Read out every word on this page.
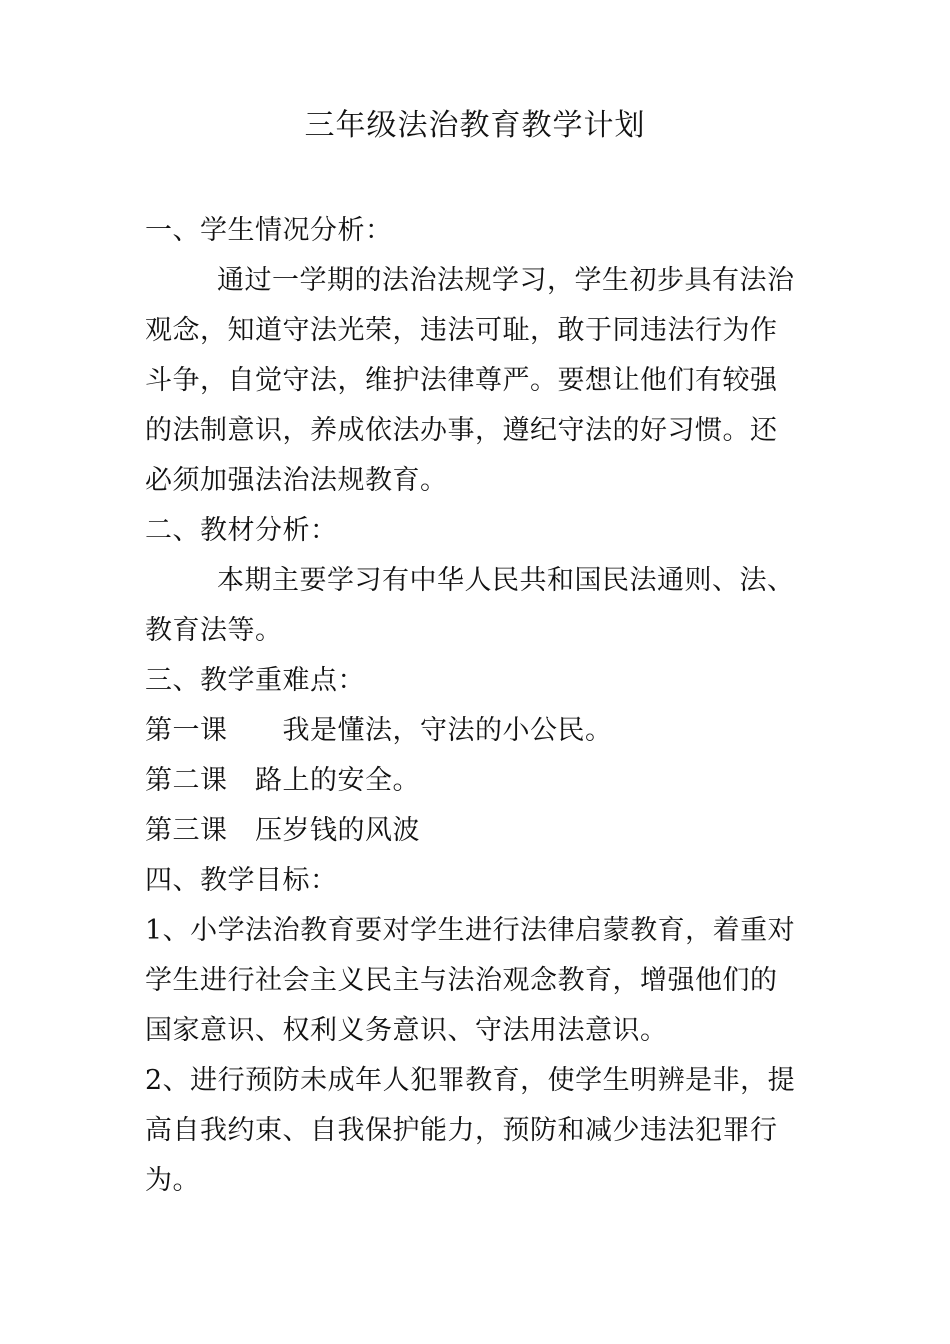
三年级法治教育教学计划
一、学生情况分析：
通过一学期的法治法规学习，学生初步具有法治
观念，知道守法光荣，违法可耻，敢于同违法行为作
斗争，自觉守法，维护法律尊严。要想让他们有较强
的法制意识，养成依法办事，遵纪守法的好习惯。还
必须加强法治法规教育。
二、教材分析：
本期主要学习有中华人民共和国民法通则、法、
教育法等。
三、教学重难点：
第一课　　我是懂法，守法的小公民。
第二课　路上的安全。
第三课　压岁钱的风波
四、教学目标：
1、小学法治教育要对学生进行法律启蒙教育，着重对
学生进行社会主义民主与法治观念教育，增强他们的
国家意识、权利义务意识、守法用法意识。
2、进行预防未成年人犯罪教育，使学生明辨是非，提
高自我约束、自我保护能力，预防和减少违法犯罪行
为。
